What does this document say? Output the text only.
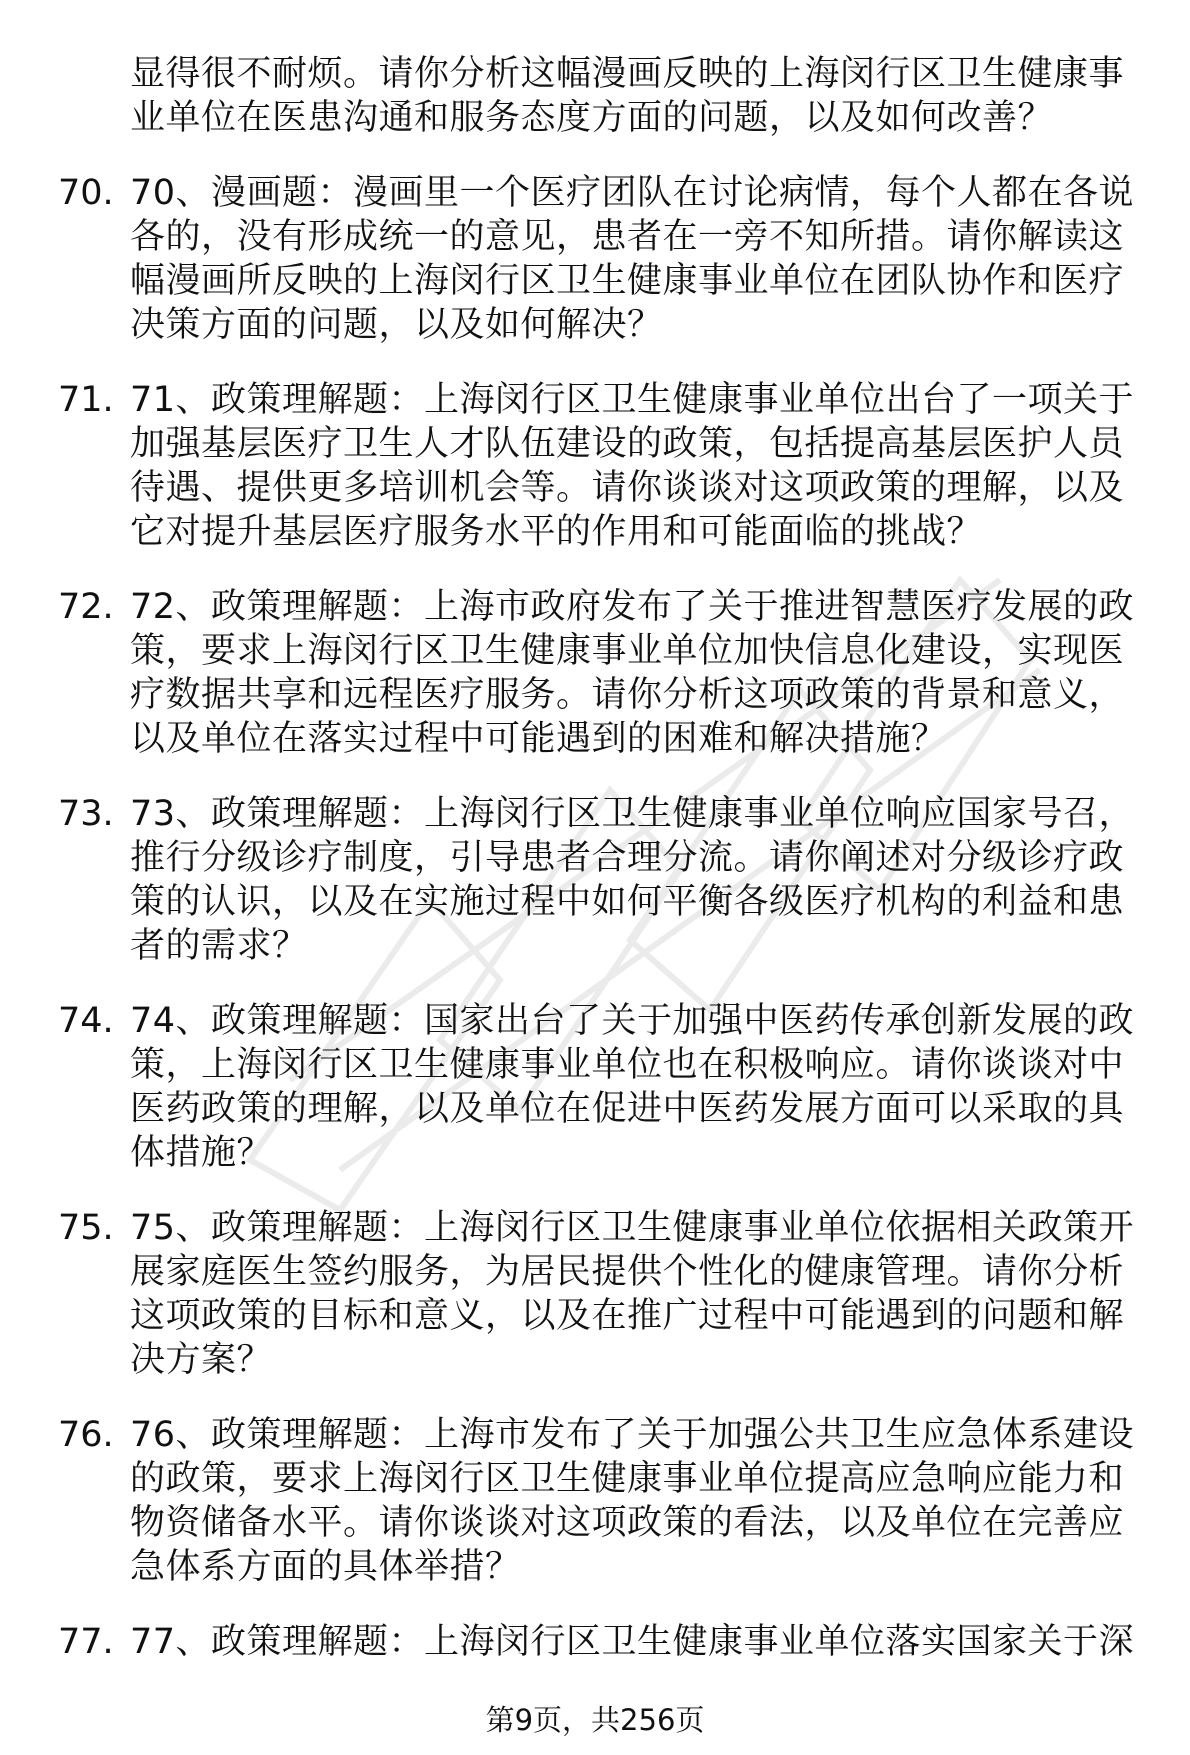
显得很不耐烦。请你分析这幅漫画反映的上海闵行区卫生健康事
业单位在医患沟通和服务态度方面的问题，以及如何改善？
70. 70、漫画题：漫画里一个医疗团队在讨论病情，每个人都在各说
各的，没有形成统一的意见，患者在一旁不知所措。请你解读这
幅漫画所反映的上海闵行区卫生健康事业单位在团队协作和医疗
决策方面的问题，以及如何解决？
71. 71、政策理解题：上海闵行区卫生健康事业单位出台了一项关于
加强基层医疗卫生人才队伍建设的政策，包括提高基层医护人员
待遇、提供更多培训机会等。请你谈谈对这项政策的理解，以及
它对提升基层医疗服务水平的作用和可能面临的挑战？
72. 72、政策理解题：上海市政府发布了关于推进智慧医疗发展的政
策，要求上海闵行区卫生健康事业单位加快信息化建设，实现医
疗数据共享和远程医疗服务。请你分析这项政策的背景和意义，
以及单位在落实过程中可能遇到的困难和解决措施？
73. 73、政策理解题：上海闵行区卫生健康事业单位响应国家号召，
推行分级诊疗制度，引导患者合理分流。请你阐述对分级诊疗政
策的认识，以及在实施过程中如何平衡各级医疗机构的利益和患
者的需求？
74. 74、政策理解题：国家出台了关于加强中医药传承创新发展的政
策，上海闵行区卫生健康事业单位也在积极响应。请你谈谈对中
医药政策的理解，以及单位在促进中医药发展方面可以采取的具
体措施？
75. 75、政策理解题：上海闵行区卫生健康事业单位依据相关政策开
展家庭医生签约服务，为居民提供个性化的健康管理。请你分析
这项政策的目标和意义，以及在推广过程中可能遇到的问题和解
决方案？
76. 76、政策理解题：上海市发布了关于加强公共卫生应急体系建设
的政策，要求上海闵行区卫生健康事业单位提高应急响应能力和
物资储备水平。请你谈谈对这项政策的看法，以及单位在完善应
急体系方面的具体举措？
77. 77、政策理解题：上海闵行区卫生健康事业单位落实国家关于深
第9页，共256页
